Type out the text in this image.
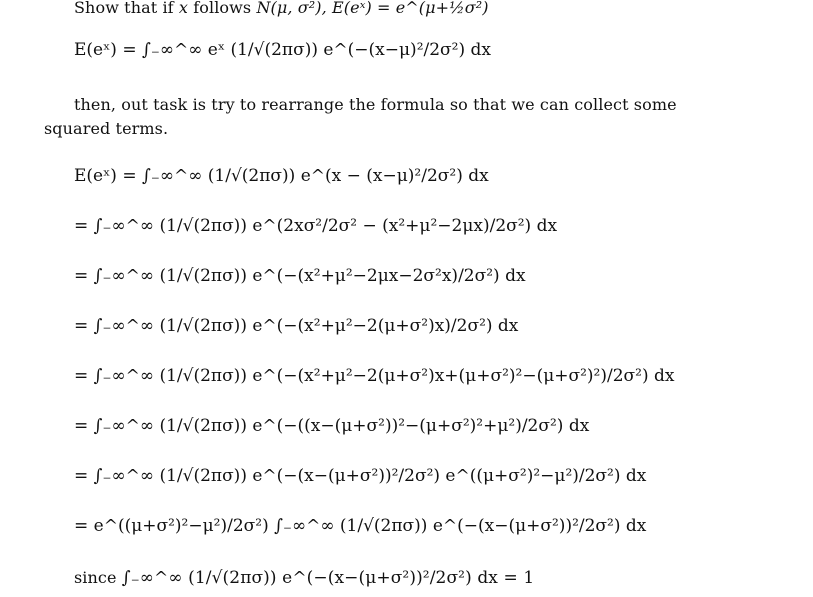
Show that if x follows N(μ, σ²), E(eˣ) = e^(μ+½σ²)
E(eˣ) = ∫₋∞^∞ eˣ (1/√(2πσ)) e^(−(x−μ)²/2σ²) dx
then, out task is try to rearrange the formula so that we can collect some
squared terms.
E(eˣ) = ∫₋∞^∞ (1/√(2πσ)) e^(x − (x−μ)²/2σ²) dx
= ∫₋∞^∞ (1/√(2πσ)) e^(2xσ²/2σ² − (x²+μ²−2μx)/2σ²) dx
= ∫₋∞^∞ (1/√(2πσ)) e^(−(x²+μ²−2μx−2σ²x)/2σ²) dx
= ∫₋∞^∞ (1/√(2πσ)) e^(−(x²+μ²−2(μ+σ²)x)/2σ²) dx
= ∫₋∞^∞ (1/√(2πσ)) e^(−(x²+μ²−2(μ+σ²)x+(μ+σ²)²−(μ+σ²)²)/2σ²) dx
= ∫₋∞^∞ (1/√(2πσ)) e^(−((x−(μ+σ²))²−(μ+σ²)²+μ²)/2σ²) dx
= ∫₋∞^∞ (1/√(2πσ)) e^(−(x−(μ+σ²))²/2σ²) e^((μ+σ²)²−μ²)/2σ²) dx
= e^((μ+σ²)²−μ²)/2σ²) ∫₋∞^∞ (1/√(2πσ)) e^(−(x−(μ+σ²))²/2σ²) dx
since ∫₋∞^∞ (1/√(2πσ)) e^(−(x−(μ+σ²))²/2σ²) dx = 1
